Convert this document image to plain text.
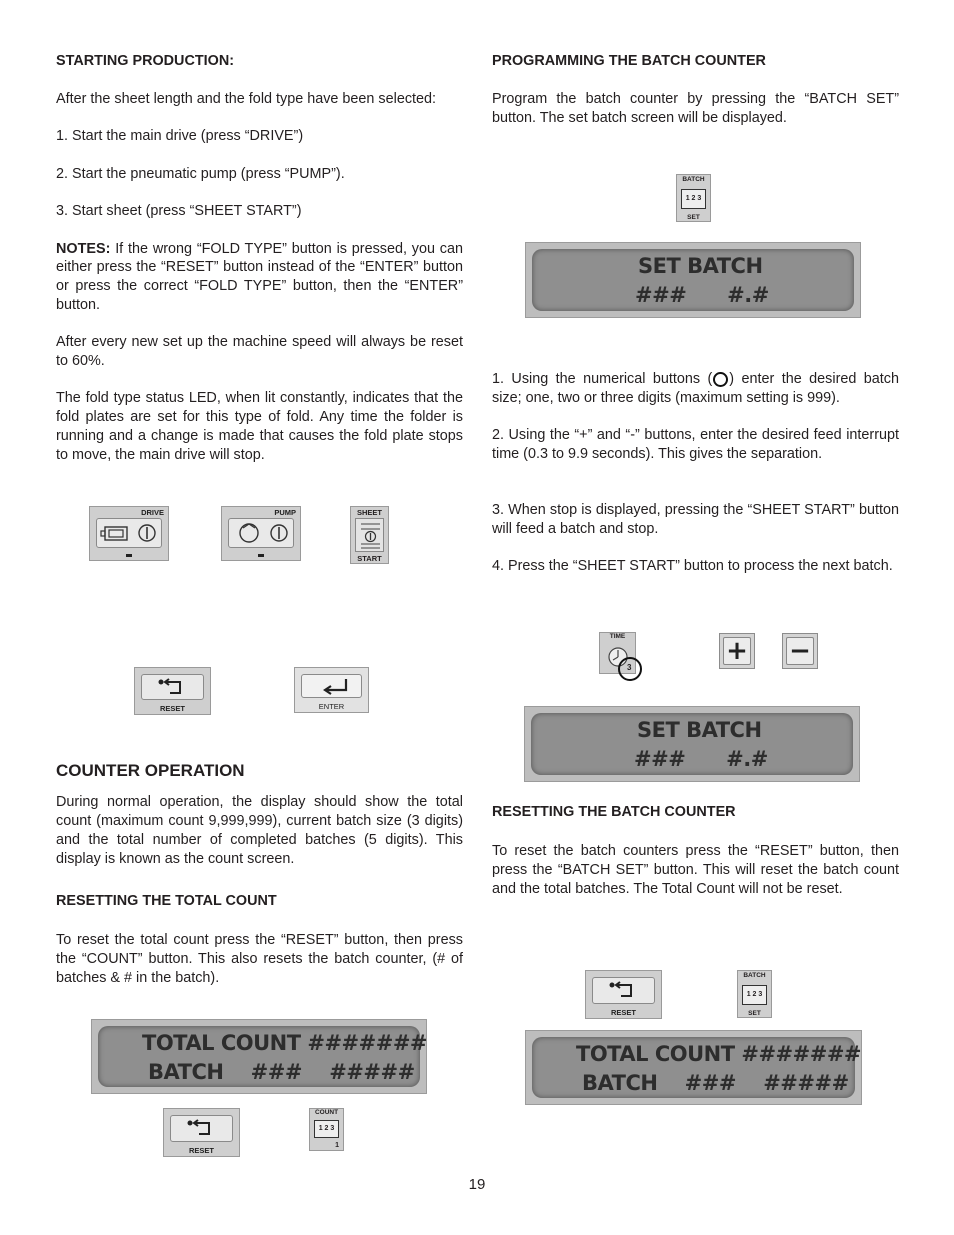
STARTING PRODUCTION:

After the sheet length and the fold type have been selected:

1. Start the main drive (press “DRIVE”)

2. Start the pneumatic pump (press “PUMP”).

3. Start sheet (press “SHEET START”)

NOTES: If the wrong “FOLD TYPE” button is pressed, you can either press the “RESET” button instead of the “ENTER” button or press the correct “FOLD TYPE” button, then the “ENTER” button.

After every new set up the machine speed will always be reset to 60%.

The fold type status LED, when lit constantly, indicates that the fold plates are set for this type of fold. Any time the folder is running and a change is made that causes the fold plate stops to move, the main drive will stop.

COUNTER OPERATION

During normal operation, the display should show the total count (maximum count 9,999,999), current batch size (3 digits) and the total number of completed batches (5 digits). This display is known as the count screen.

RESETTING THE TOTAL COUNT

To reset the total count press the “RESET” button, then press the “COUNT” button. This also resets the batch counter, (# of batches & # in the batch).

PROGRAMMING THE BATCH COUNTER

Program the batch counter by pressing the “BATCH SET” button. The set batch screen will be displayed.

1. Using the numerical buttons ( ) enter the desired batch size; one, two or three digits (maximum setting is 999).

2. Using the “+” and “-” buttons, enter the desired feed interrupt time (0.3 to 9.9 seconds). This gives the separation.

3. When stop is displayed, pressing the “SHEET START” button will feed a batch and stop.

4. Press the “SHEET START” button to process the next batch.

RESETTING THE BATCH COUNTER

To reset the batch counters press the “RESET” button, then press the “BATCH SET” button. This will reset the batch count and the total batches. The Total Count will not be reset.

DRIVE	PUMP	SHEET
START
RESET	ENTER
TOTAL COUNT #######
BATCH    ###    #####
RESET
COUNT
1 2 3
1
BATCH
1 2 3
SET
SET BATCH
###      #.#
TIME
3
+ −
SET BATCH
###      #.#
RESET
BATCH
1 2 3
SET
TOTAL COUNT #######
BATCH    ###    #####
19
